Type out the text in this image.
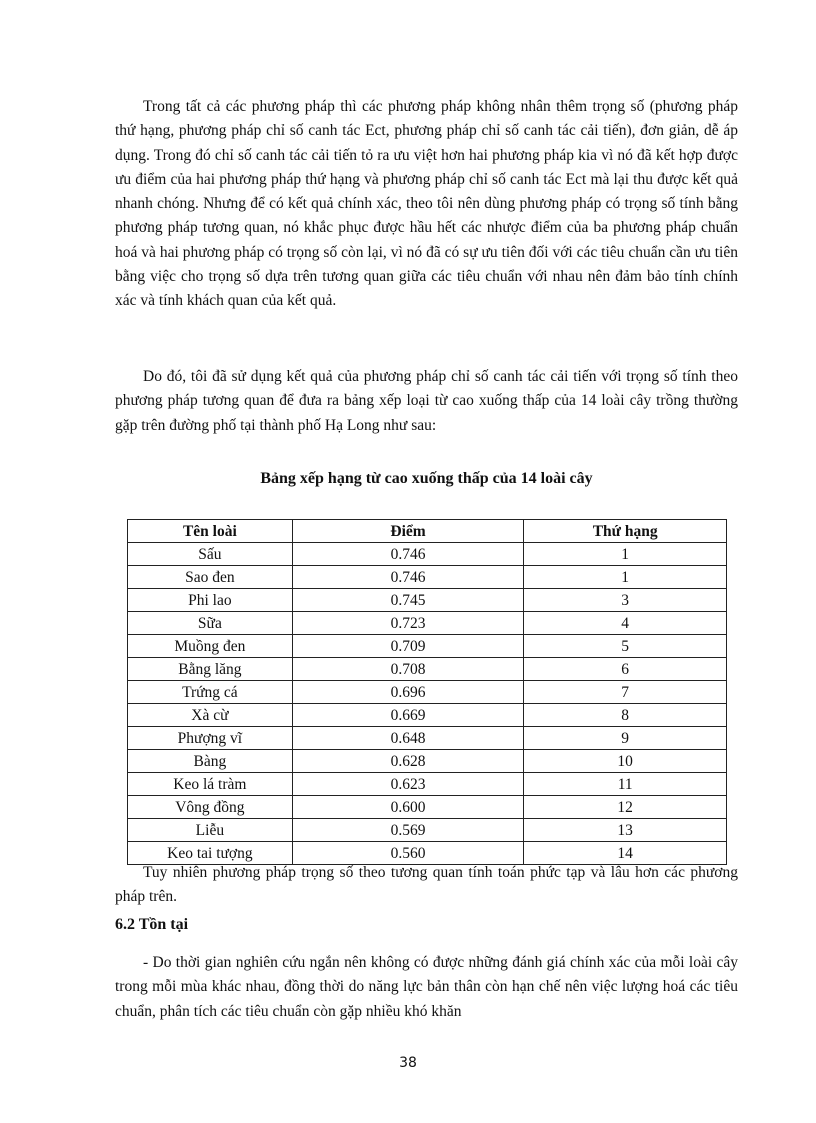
Trong tất cả các phương pháp thì các phương pháp không nhân thêm trọng số (phương pháp thứ hạng, phương pháp chỉ số canh tác Ect, phương pháp chỉ số canh tác cải tiến), đơn giản, dễ áp dụng. Trong đó chỉ số canh tác cải tiến tỏ ra ưu việt hơn hai phương pháp kia vì nó đã kết hợp được ưu điểm của hai phương pháp thứ hạng và phương pháp chỉ số canh tác Ect mà lại thu được kết quả nhanh chóng. Nhưng để có kết quả chính xác, theo tôi nên dùng phương pháp có trọng số tính bằng phương pháp tương quan, nó khắc phục được hầu hết các nhược điểm của ba phương pháp chuẩn hoá và hai phương pháp có trọng số còn lại, vì nó đã có sự ưu tiên đối với các tiêu chuẩn cần ưu tiên bằng việc cho trọng số dựa trên tương quan giữa các tiêu chuẩn với nhau nên đảm bảo tính chính xác và tính khách quan của kết quả.

Do đó, tôi đã sử dụng kết quả của phương pháp chỉ số canh tác cải tiến với trọng số tính theo phương pháp tương quan để đưa ra bảng xếp loại từ cao xuống thấp của 14 loài cây trồng thường gặp trên đường phố tại thành phố Hạ Long như sau:

Bảng xếp hạng từ cao xuống thấp của 14 loài cây
Tên loài	Điểm	Thứ hạng
Sấu	0.746	1
Sao đen	0.746	1
Phi lao	0.745	3
Sữa	0.723	4
Muồng đen	0.709	5
Bằng lăng	0.708	6
Trứng cá	0.696	7
Xà cừ	0.669	8
Phượng vĩ	0.648	9
Bàng	0.628	10
Keo lá tràm	0.623	11
Vông đồng	0.600	12
Liễu	0.569	13
Keo tai tượng	0.560	14

Tuy nhiên phương pháp trọng số theo tương quan tính toán phức tạp và lâu hơn các phương pháp trên.

6.2 Tồn tại

- Do thời gian nghiên cứu ngắn nên không có được những đánh giá chính xác của mỗi loài cây trong mỗi mùa khác nhau, đồng thời do năng lực bản thân còn hạn chế nên việc lượng hoá các tiêu chuẩn, phân tích các tiêu chuẩn còn gặp nhiều khó khăn

38
